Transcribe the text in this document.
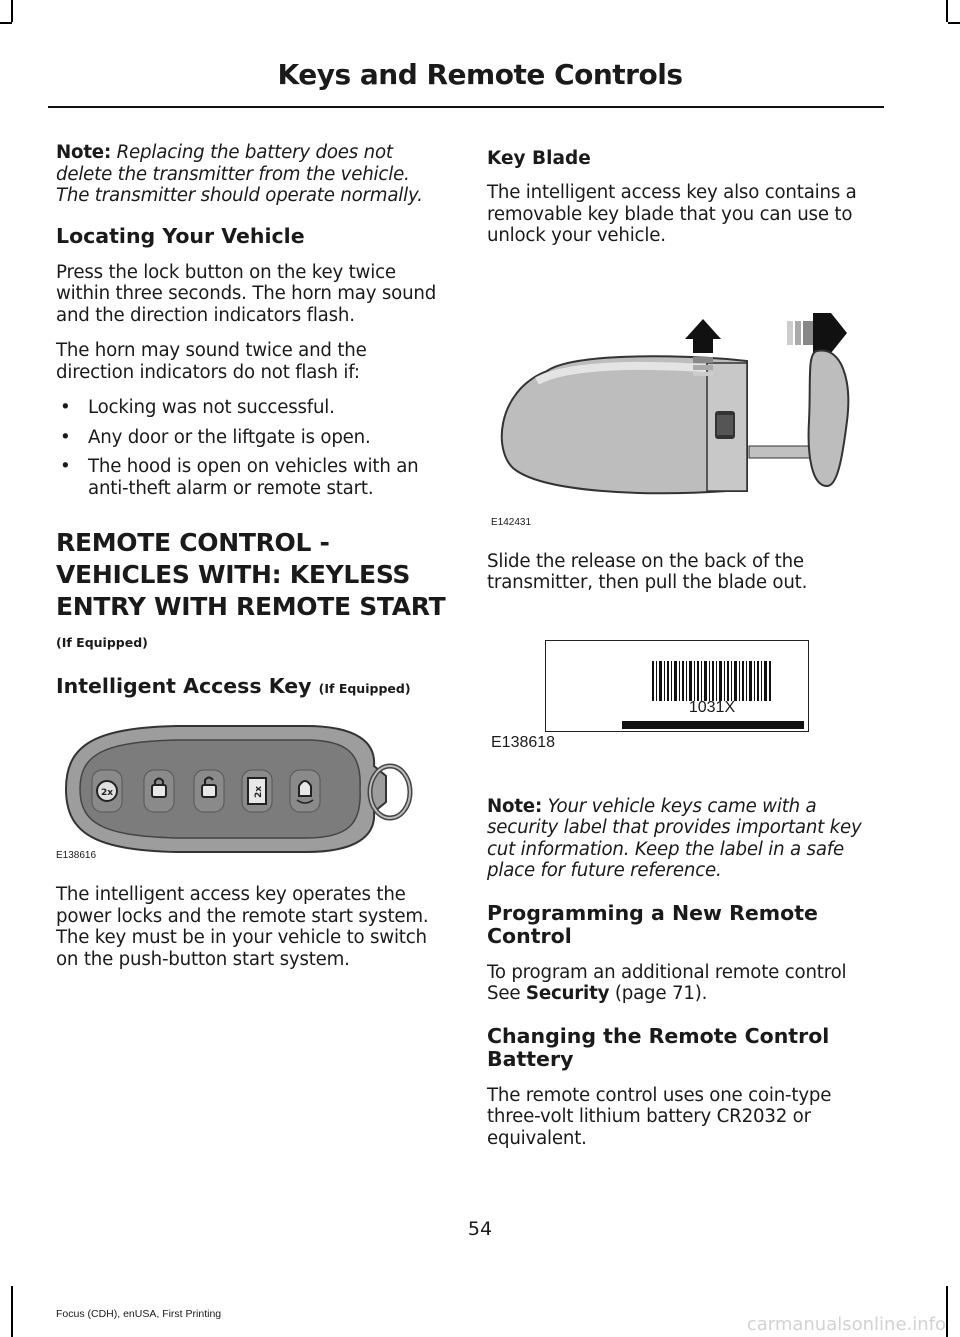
Keys and Remote Controls

Note: Replacing the battery does not delete the transmitter from the vehicle. The transmitter should operate normally.

Locating Your Vehicle

Press the lock button on the key twice within three seconds. The horn may sound and the direction indicators flash.

The horn may sound twice and the direction indicators do not flash if:

• Locking was not successful.
• Any door or the liftgate is open.
• The hood is open on vehicles with an anti-theft alarm or remote start.
REMOTE CONTROL - VEHICLES WITH: KEYLESS ENTRY WITH REMOTE START (If Equipped)
Intelligent Access Key (If Equipped)
2x	2x
E138616

The intelligent access key operates the power locks and the remote start system. The key must be in your vehicle to switch on the push-button start system.

Key Blade

The intelligent access key also contains a removable key blade that you can use to unlock your vehicle.

E142431

Slide the release on the back of the transmitter, then pull the blade out.

1031X
E138618

Note: Your vehicle keys came with a security label that provides important key cut information. Keep the label in a safe place for future reference.

Programming a New Remote Control

To program an additional remote control See Security (page 71).

Changing the Remote Control Battery

The remote control uses one coin-type three-volt lithium battery CR2032 or equivalent.

54
Focus (CDH), enUSA, First Printing	carmanualsonline.info
